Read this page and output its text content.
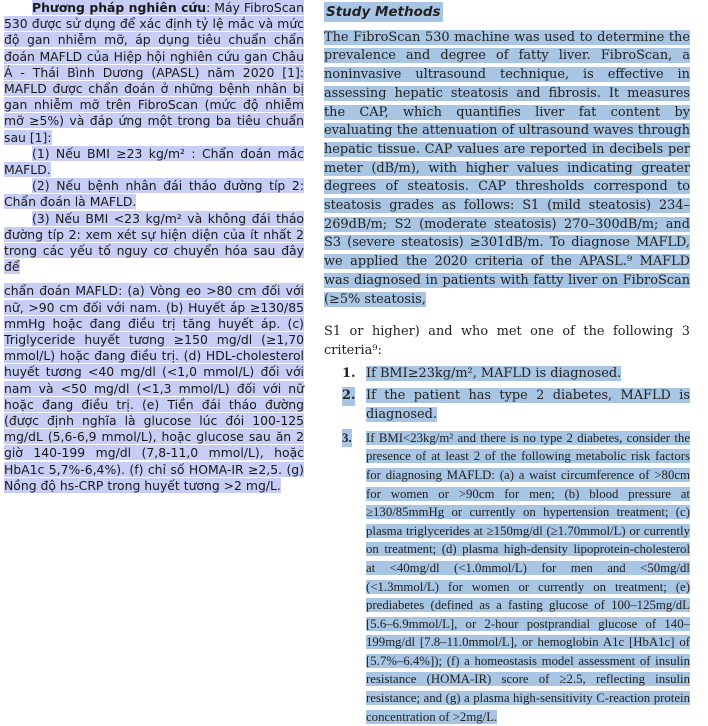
Phương pháp nghiên cứu: Máy FibroScan 530 được sử dụng để xác định tỷ lệ mắc và mức độ gan nhiễm mỡ, áp dụng tiêu chuẩn chẩn đoán MAFLD của Hiệp hội nghiên cứu gan Châu Á - Thái Bình Dương (APASL) năm 2020 [1]: MAFLD được chẩn đoán ở những bệnh nhân bị gan nhiễm mỡ trên FibroScan (mức độ nhiễm mỡ ≥5%) và đáp ứng một trong ba tiêu chuẩn sau [1]:

(1) Nếu BMI ≥23 kg/m² : Chẩn đoán mắc MAFLD.

(2) Nếu bệnh nhân đái tháo đường típ 2: Chẩn đoán là MAFLD.

(3) Nếu BMI <23 kg/m² và không đái tháo đường típ 2: xem xét sự hiện diện của ít nhất 2 trong các yếu tố nguy cơ chuyển hóa sau đây để

chẩn đoán MAFLD: (a) Vòng eo >80 cm đối với nữ, >90 cm đối với nam. (b) Huyết áp ≥130/85 mmHg hoặc đang điều trị tăng huyết áp. (c) Triglyceride huyết tương ≥150 mg/dl (≥1,70 mmol/L) hoặc đang điều trị. (d) HDL-cholesterol huyết tương <40 mg/dl (<1,0 mmol/L) đối với nam và <50 mg/dl (<1,3 mmol/L) đối với nữ hoặc đang điều trị. (e) Tiền đái tháo đường (được định nghĩa là glucose lúc đói 100-125 mg/dL (5,6-6,9 mmol/L), hoặc glucose sau ăn 2 giờ 140-199 mg/dl (7,8-11,0 mmol/L), hoặc HbA1c 5,7%-6,4%). (f) chỉ số HOMA-IR ≥2,5. (g) Nồng độ hs-CRP trong huyết tương >2 mg/L.

Study Methods

The FibroScan 530 machine was used to determine the prevalence and degree of fatty liver. FibroScan, a noninvasive ultrasound technique, is effective in assessing hepatic steatosis and fibrosis. It measures the CAP, which quantifies liver fat content by evaluating the attenuation of ultrasound waves through hepatic tissue. CAP values are reported in decibels per meter (dB/m), with higher values indicating greater degrees of steatosis. CAP thresholds correspond to steatosis grades as follows: S1 (mild steatosis) 234–269dB/m; S2 (moderate steatosis) 270–300dB/m; and S3 (severe steatosis) ≥301dB/m. To diagnose MAFLD, we applied the 2020 criteria of the APASL.⁹ MAFLD was diagnosed in patients with fatty liver on FibroScan (≥5% steatosis,

S1 or higher) and who met one of the following 3 criteria⁹:

1. If BMI≥23kg/m², MAFLD is diagnosed.
2. If the patient has type 2 diabetes, MAFLD is diagnosed.
3. If BMI<23kg/m² and there is no type 2 diabetes, consider the presence of at least 2 of the following metabolic risk factors for diagnosing MAFLD: (a) a waist circumference of >80cm for women or >90cm for men; (b) blood pressure at ≥130/85mmHg or currently on hypertension treatment; (c) plasma triglycerides at ≥150mg/dl (≥1.70mmol/L) or currently on treatment; (d) plasma high-density lipoprotein-cholesterol at <40mg/dl (<1.0mmol/L) for men and <50mg/dl (<1.3mmol/L) for women or currently on treatment; (e) prediabetes (defined as a fasting glucose of 100–125mg/dL [5.6–6.9mmol/L], or 2-hour postprandial glucose of 140–199mg/dl [7.8–11.0mmol/L], or hemoglobin A1c [HbA1c] of [5.7%–6.4%]); (f) a homeostasis model assessment of insulin resistance (HOMA-IR) score of ≥2.5, reflecting insulin resistance; and (g) a plasma high-sensitivity C-reaction protein concentration of >2mg/L.
